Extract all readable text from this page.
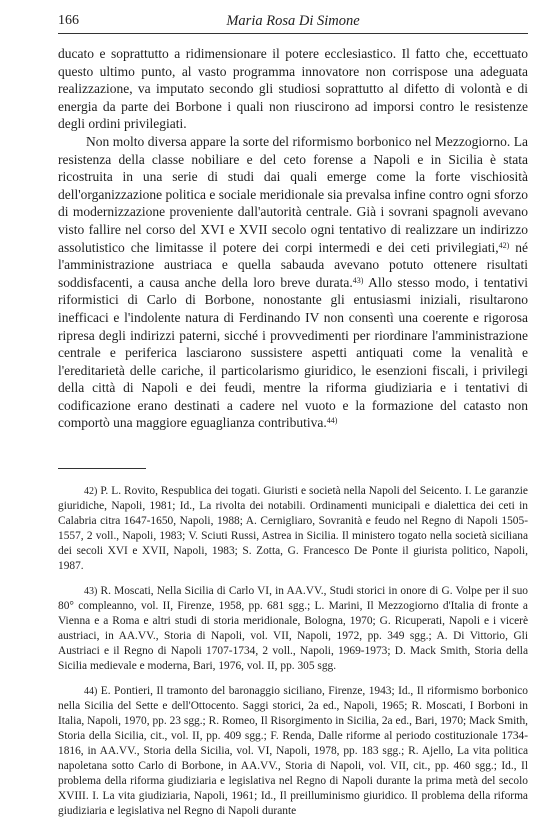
166	Maria Rosa Di Simone

ducato e soprattutto a ridimensionare il potere ecclesiastico. Il fatto che, eccettuato questo ultimo punto, al vasto programma innovatore non corrispose una adeguata realizzazione, va imputato secondo gli studiosi soprattutto al difetto di volontà e di energia da parte dei Borbone i quali non riuscirono ad imporsi contro le resistenze degli ordini privilegiati.

Non molto diversa appare la sorte del riformismo borbonico nel Mezzogiorno. La resistenza della classe nobiliare e del ceto forense a Napoli e in Sicilia è stata ricostruita in una serie di studi dai quali emerge come la forte vischiosità dell'organizzazione politica e sociale meridionale sia prevalsa infine contro ogni sforzo di modernizzazione proveniente dall'autorità centrale. Già i sovrani spagnoli avevano visto fallire nel corso del XVI e XVII secolo ogni tentativo di realizzare un indirizzo assolutistico che limitasse il potere dei corpi intermedi e dei ceti privilegiati,$^{42)}$ né l'amministrazione austriaca e quella sabauda avevano potuto ottenere risultati soddisfacenti, a causa anche della loro breve durata.$^{43)}$ Allo stesso modo, i tentativi riformistici di Carlo di Borbone, nonostante gli entusiasmi iniziali, risultarono inefficaci e l'indolente natura di Ferdinando IV non consentì una coerente e rigorosa ripresa degli indirizzi paterni, sicché i provvedimenti per riordinare l'amministrazione centrale e periferica lasciarono sussistere aspetti antiquati come la venalità e l'ereditarietà delle cariche, il particolarismo giuridico, le esenzioni fiscali, i privilegi della città di Napoli e dei feudi, mentre la riforma giudiziaria e i tentativi di codificazione erano destinati a cadere nel vuoto e la formazione del catasto non comportò una maggiore eguaglianza contributiva.$^{44)}$

42) P. L. Rovito, Respublica dei togati. Giuristi e società nella Napoli del Seicento. I. Le garanzie giuridiche, Napoli, 1981; Id., La rivolta dei notabili. Ordinamenti municipali e dialettica dei ceti in Calabria citra 1647-1650, Napoli, 1988; A. Cernigliaro, Sovranità e feudo nel Regno di Napoli 1505-1557, 2 voll., Napoli, 1983; V. Sciuti Russi, Astrea in Sicilia. Il ministero togato nella società siciliana dei secoli XVI e XVII, Napoli, 1983; S. Zotta, G. Francesco De Ponte il giurista politico, Napoli, 1987.

43) R. Moscati, Nella Sicilia di Carlo VI, in AA.VV., Studi storici in onore di G. Volpe per il suo 80° compleanno, vol. II, Firenze, 1958, pp. 681 sgg.; L. Marini, Il Mezzogiorno d'Italia di fronte a Vienna e a Roma e altri studi di storia meridionale, Bologna, 1970; G. Ricuperati, Napoli e i vicerè austriaci, in AA.VV., Storia di Napoli, vol. VII, Napoli, 1972, pp. 349 sgg.; A. Di Vittorio, Gli Austriaci e il Regno di Napoli 1707-1734, 2 voll., Napoli, 1969-1973; D. Mack Smith, Storia della Sicilia medievale e moderna, Bari, 1976, vol. II, pp. 305 sgg.

44) E. Pontieri, Il tramonto del baronaggio siciliano, Firenze, 1943; Id., Il riformismo borbonico nella Sicilia del Sette e dell'Ottocento. Saggi storici, 2a ed., Napoli, 1965; R. Moscati, I Borboni in Italia, Napoli, 1970, pp. 23 sgg.; R. Romeo, Il Risorgimento in Sicilia, 2a ed., Bari, 1970; Mack Smith, Storia della Sicilia, cit., vol. II, pp. 409 sgg.; F. Renda, Dalle riforme al periodo costituzionale 1734-1816, in AA.VV., Storia della Sicilia, vol. VI, Napoli, 1978, pp. 183 sgg.; R. Ajello, La vita politica napoletana sotto Carlo di Borbone, in AA.VV., Storia di Napoli, vol. VII, cit., pp. 460 sgg.; Id., Il problema della riforma giudiziaria e legislativa nel Regno di Napoli durante la prima metà del secolo XVIII. I. La vita giudiziaria, Napoli, 1961; Id., Il preilluminismo giuridico. Il problema della riforma giudiziaria e legislativa nel Regno di Napoli durante
